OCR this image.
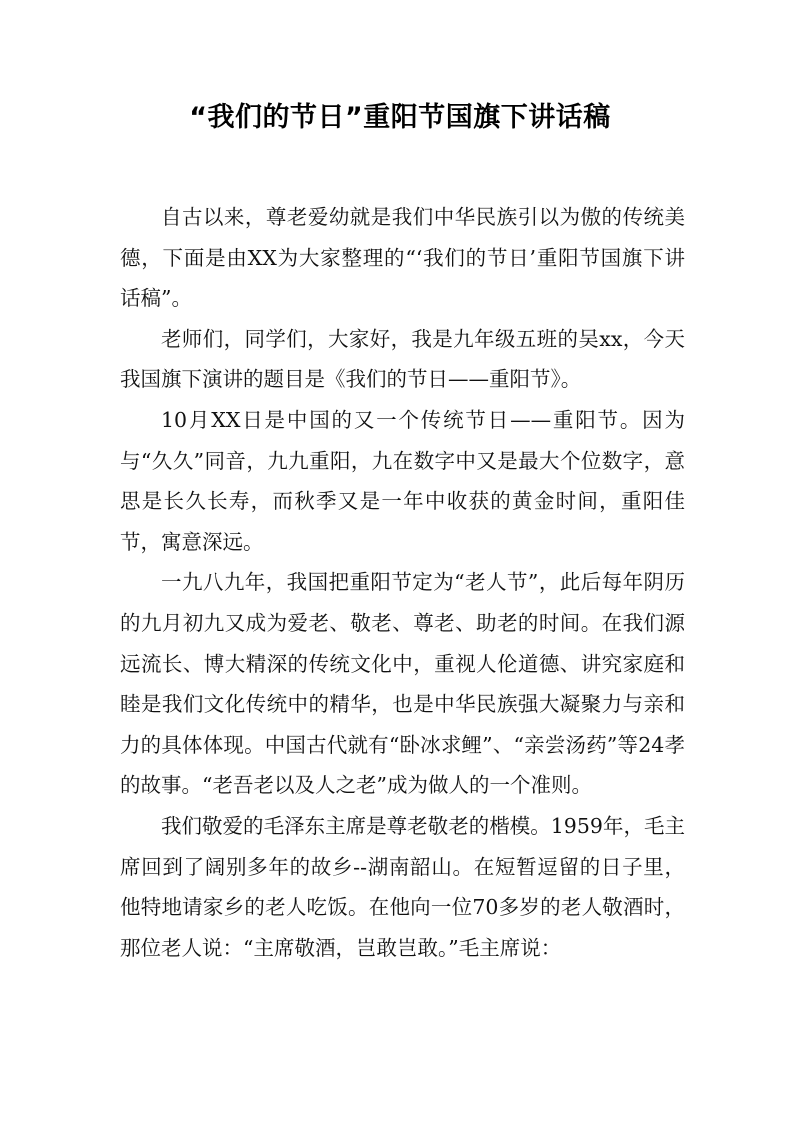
“我们的节日”重阳节国旗下讲话稿

自古以来，尊老爱幼就是我们中华民族引以为傲的传统美德，下面是由XX为大家整理的“‘我们的节日’重阳节国旗下讲话稿”。

老师们，同学们，大家好，我是九年级五班的吴xx，今天我国旗下演讲的题目是《我们的节日——重阳节》。

10月XX日是中国的又一个传统节日——重阳节。因为与“久久”同音，九九重阳，九在数字中又是最大个位数字，意思是长久长寿，而秋季又是一年中收获的黄金时间，重阳佳节，寓意深远。

一九八九年，我国把重阳节定为“老人节”，此后每年阴历的九月初九又成为爱老、敬老、尊老、助老的时间。在我们源远流长、博大精深的传统文化中，重视人伦道德、讲究家庭和睦是我们文化传统中的精华，也是中华民族强大凝聚力与亲和力的具体体现。中国古代就有“卧冰求鲤”、“亲尝汤药”等24孝的故事。“老吾老以及人之老”成为做人的一个准则。

我们敬爱的毛泽东主席是尊老敬老的楷模。1959年，毛主席回到了阔别多年的故乡--湖南韶山。在短暂逗留的日子里，他特地请家乡的老人吃饭。在他向一位70多岁的老人敬酒时，那位老人说：“主席敬酒，岂敢岂敢。”毛主席说：
